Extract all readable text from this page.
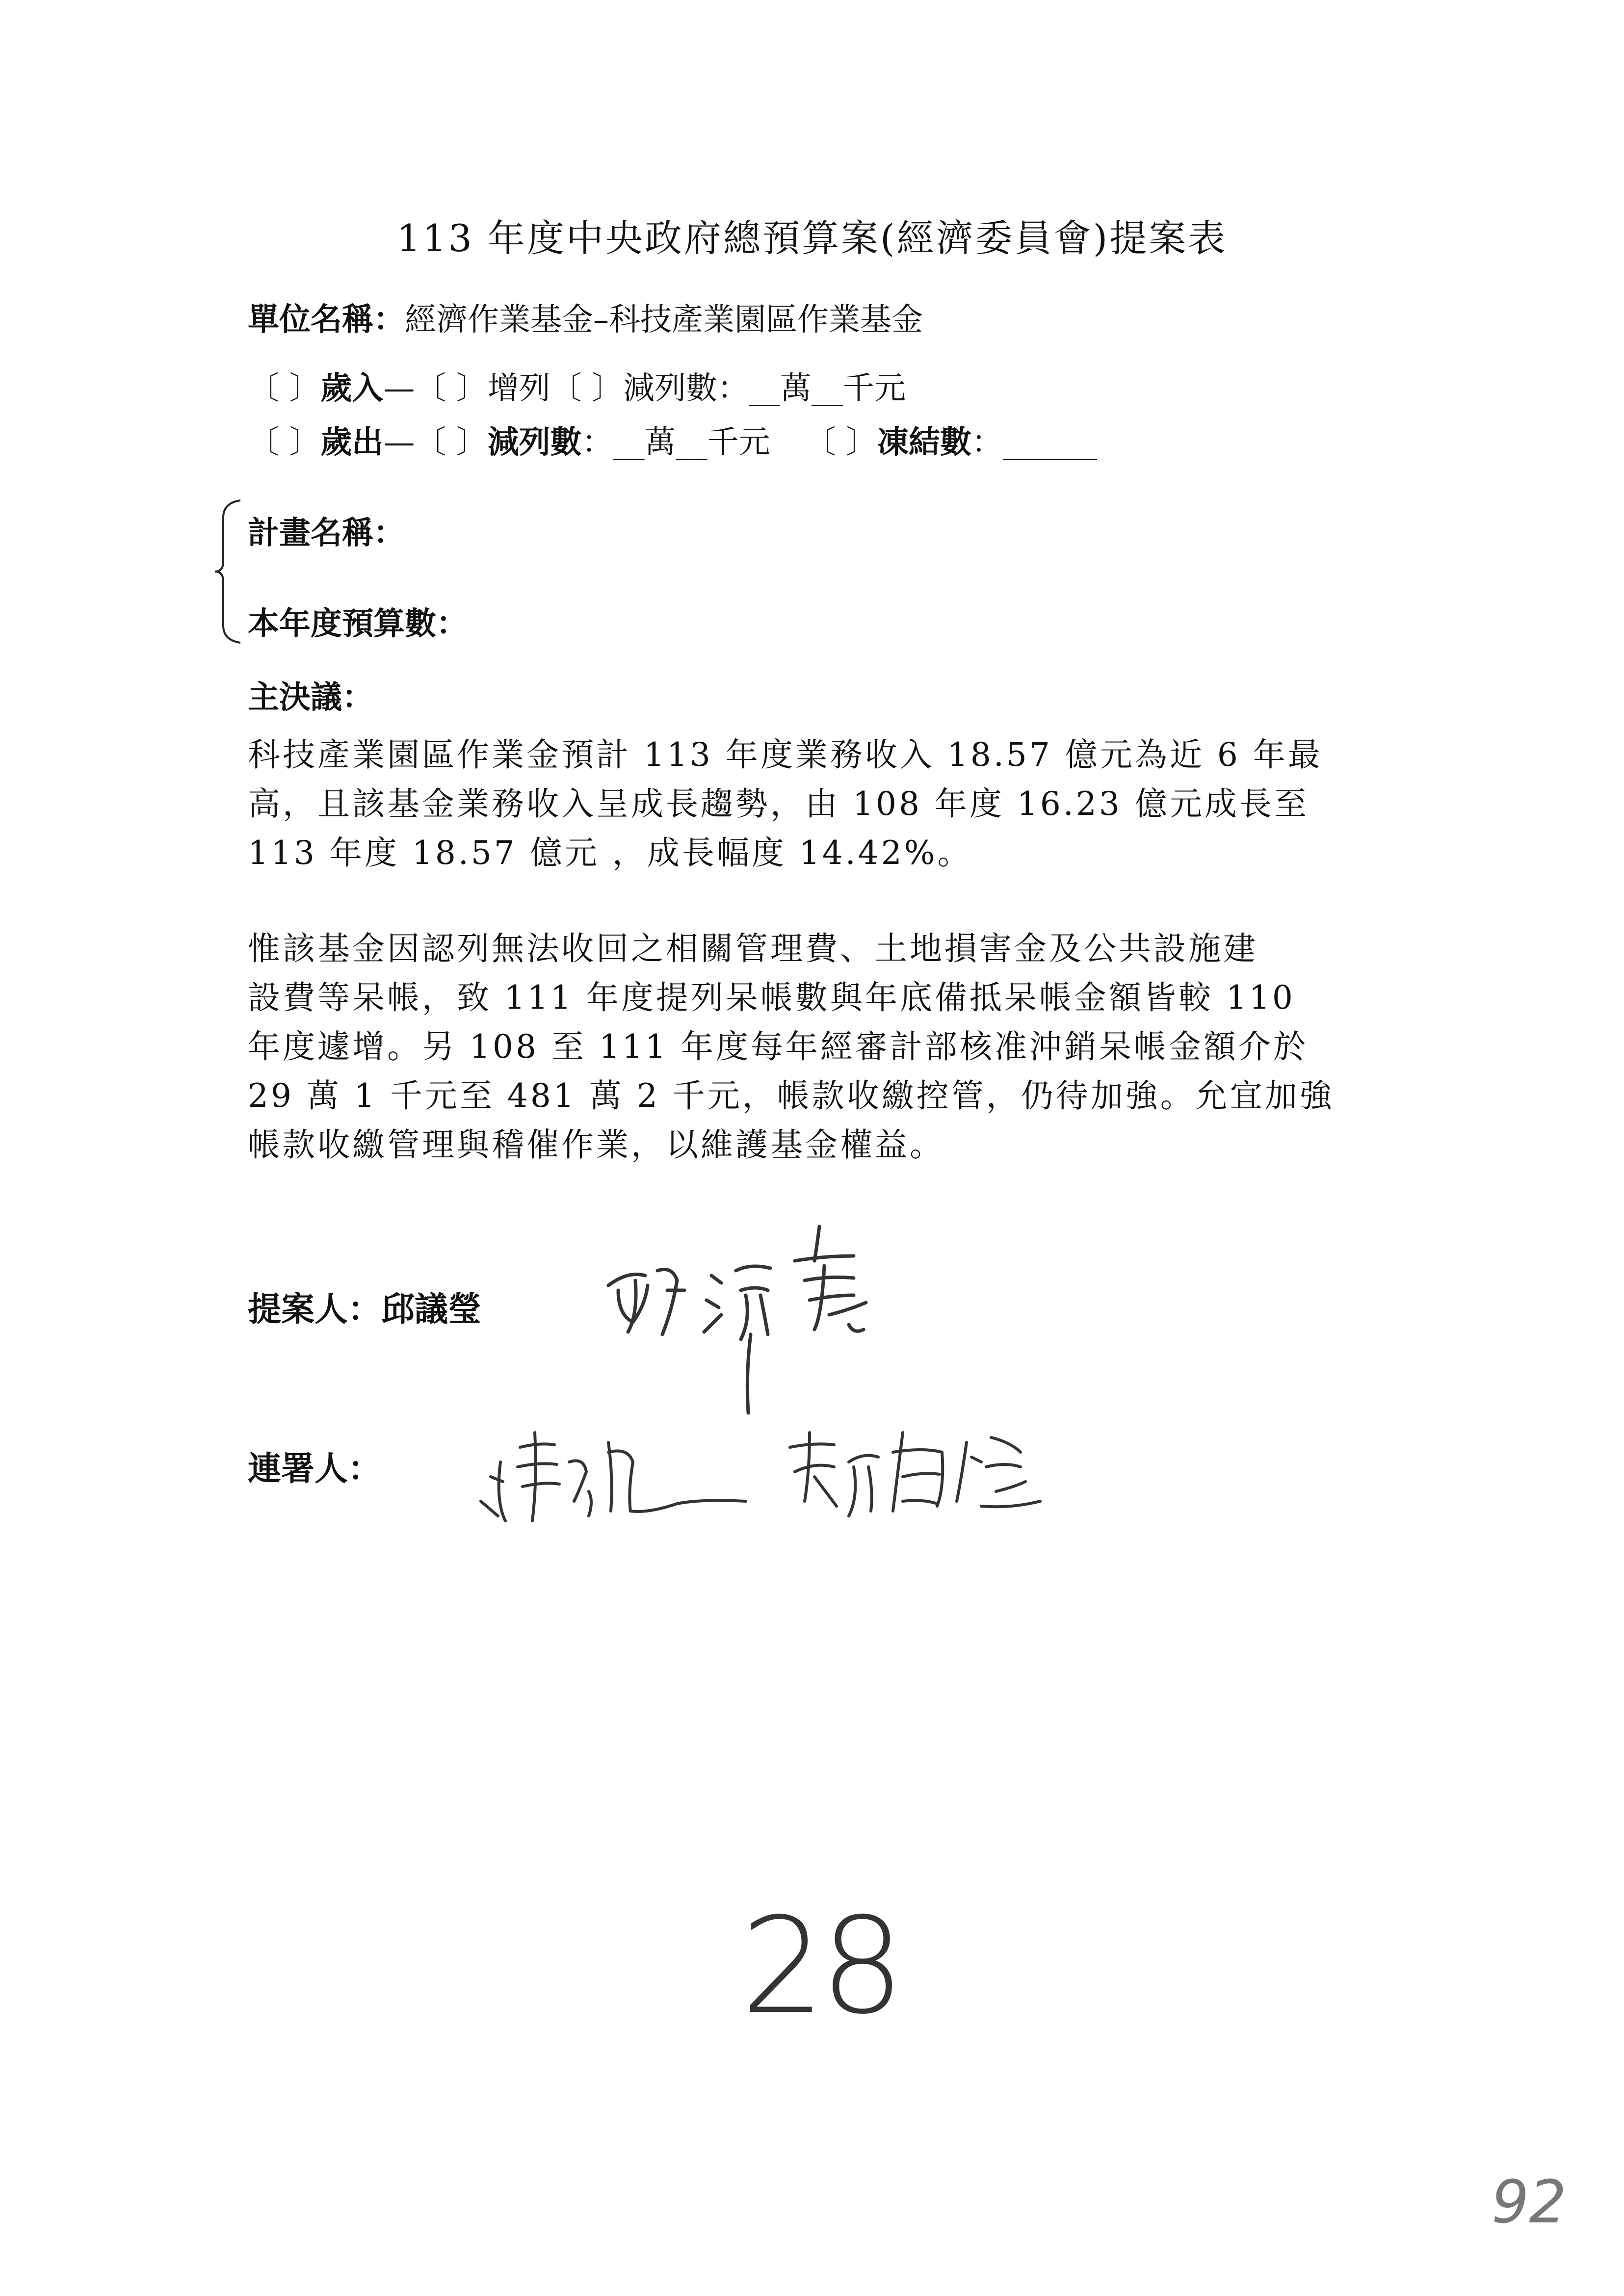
113 年度中央政府總預算案(經濟委員會)提案表
單位名稱：經濟作業基金–科技產業園區作業基金
〔 〕歲入—〔 〕增列〔 〕減列數：__萬__千元
〔 〕歲出—〔 〕減列數：__萬__千元 〔 〕凍結數：______
計畫名稱：
本年度預算數：
主決議：
科技產業園區作業金預計 113 年度業務收入 18.57 億元為近 6 年最
高，且該基金業務收入呈成長趨勢，由 108 年度 16.23 億元成長至
113 年度 18.57 億元 ，成長幅度 14.42%。
惟該基金因認列無法收回之相關管理費、土地損害金及公共設施建
設費等呆帳，致 111 年度提列呆帳數與年底備抵呆帳金額皆較 110
年度遽增。另 108 至 111 年度每年經審計部核准沖銷呆帳金額介於
29 萬 1 千元至 481 萬 2 千元，帳款收繳控管，仍待加強。允宜加強
帳款收繳管理與稽催作業，以維護基金權益。
提案人：邱議瑩
連署人：
28
92
